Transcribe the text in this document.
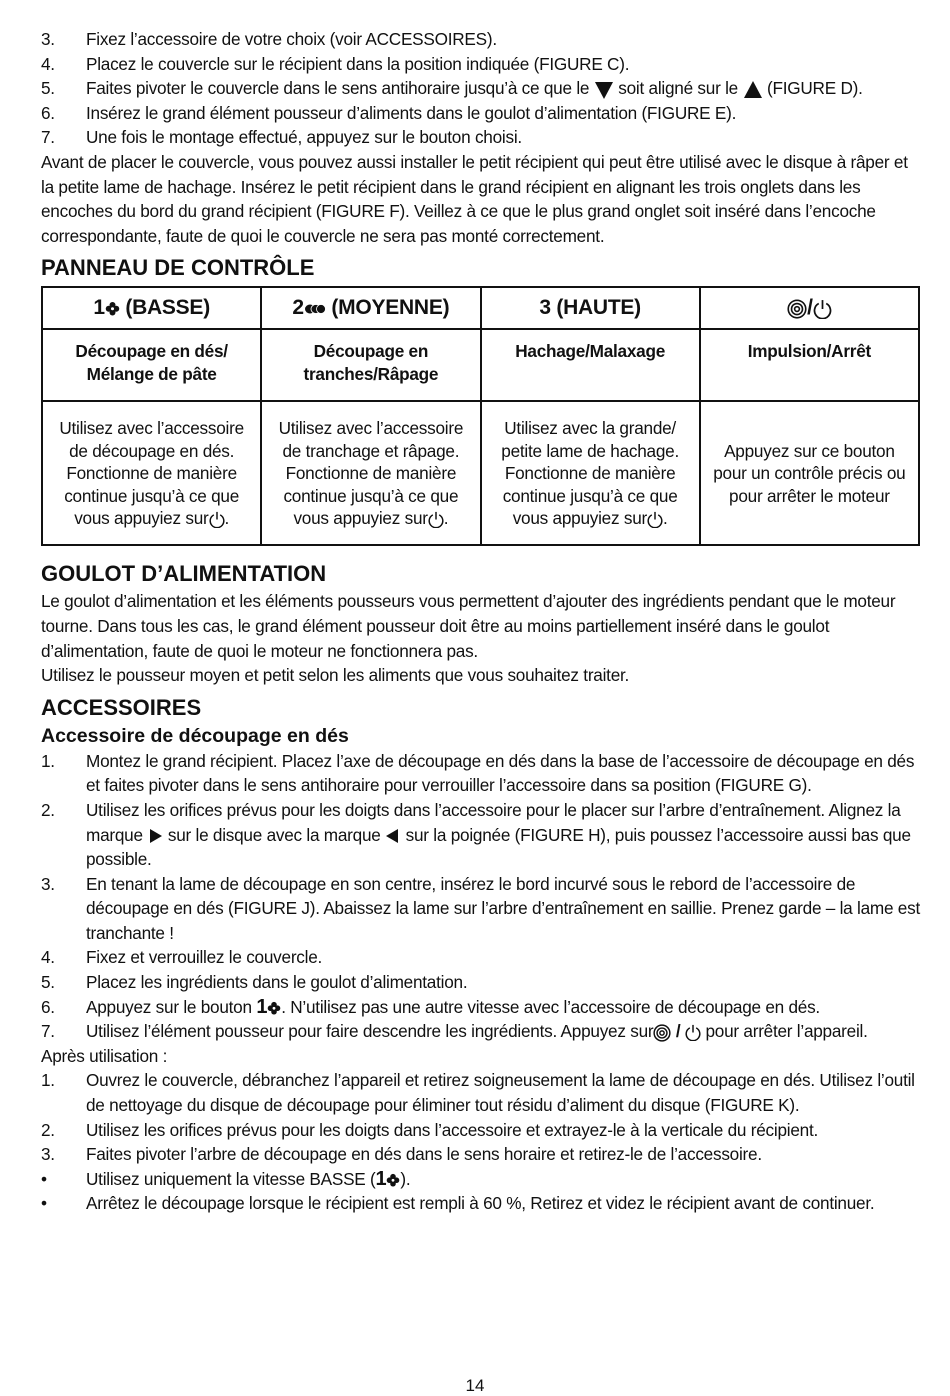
3. Fixez l’accessoire de votre choix (voir ACCESSOIRES).
4. Placez le couvercle sur le récipient dans la position indiquée (FIGURE C).
5. Faites pivoter le couvercle dans le sens antihoraire jusqu’à ce que le soit aligné sur le (FIGURE D).
6. Insérez le grand élément pousseur d’aliments dans le goulot d’alimentation (FIGURE E).
7. Une fois le montage effectué, appuyez sur le bouton choisi.

Avant de placer le couvercle, vous pouvez aussi installer le petit récipient qui peut être utilisé avec le disque à râper et la petite lame de hachage. Insérez le petit récipient dans le grand récipient en alignant les trois onglets dans les encoches du bord du grand récipient (FIGURE F). Veillez à ce que le plus grand onglet soit inséré dans l’encoche correspondante, faute de quoi le couvercle ne sera pas monté correctement.

PANNEAU DE CONTRÔLE
1 (BASSE)	2 (MOYENNE)	3 (HAUTE)	/
Découpage en dés/ Mélange de pâte	Découpage en tranches/Râpage	Hachage/Malaxage	Impulsion/Arrêt
Utilisez avec l’accessoire de découpage en dés. Fonctionne de manière continue jusqu’à ce que vous appuyiez sur .	Utilisez avec l’accessoire de tranchage et râpage. Fonctionne de manière continue jusqu’à ce que vous appuyiez sur .	Utilisez avec la grande/ petite lame de hachage. Fonctionne de manière continue jusqu’à ce que vous appuyiez sur .	Appuyez sur ce bouton pour un contrôle précis ou pour arrêter le moteur
GOULOT D’ALIMENTATION

Le goulot d’alimentation et les éléments pousseurs vous permettent d’ajouter des ingrédients pendant que le moteur tourne. Dans tous les cas, le grand élément pousseur doit être au moins partiellement inséré dans le goulot d’alimentation, faute de quoi le moteur ne fonctionnera pas.

Utilisez le pousseur moyen et petit selon les aliments que vous souhaitez traiter.

ACCESSOIRES
Accessoire de découpage en dés
1. Montez le grand récipient. Placez l’axe de découpage en dés dans la base de l’accessoire de découpage en dés et faites pivoter dans le sens antihoraire pour verrouiller l’accessoire dans sa position (FIGURE G).
2. Utilisez les orifices prévus pour les doigts dans l’accessoire pour le placer sur l’arbre d’entraînement. Alignez la marque sur le disque avec la marque sur la poignée (FIGURE H), puis poussez l’accessoire aussi bas que possible.
3. En tenant la lame de découpage en son centre, insérez le bord incurvé sous le rebord de l’accessoire de découpage en dés (FIGURE J). Abaissez la lame sur l’arbre d’entraînement en saillie. Prenez garde – la lame est tranchante !
4. Fixez et verrouillez le couvercle.
5. Placez les ingrédients dans le goulot d’alimentation.
6. Appuyez sur le bouton 1 . N’utilisez pas une autre vitesse avec l’accessoire de découpage en dés.
7. Utilisez l’élément pousseur pour faire descendre les ingrédients. Appuyez sur / pour arrêter l’appareil.

Après utilisation :

1. Ouvrez le couvercle, débranchez l’appareil et retirez soigneusement la lame de découpage en dés. Utilisez l’outil de nettoyage du disque de découpage pour éliminer tout résidu d’aliment du disque (FIGURE K).
2. Utilisez les orifices prévus pour les doigts dans l’accessoire et extrayez-le à la verticale du récipient.
3. Faites pivoter l’arbre de découpage en dés dans le sens horaire et retirez-le de l’accessoire.
• Utilisez uniquement la vitesse BASSE (1 ).
• Arrêtez le découpage lorsque le récipient est rempli à 60 %, Retirez et videz le récipient avant de continuer.
14
